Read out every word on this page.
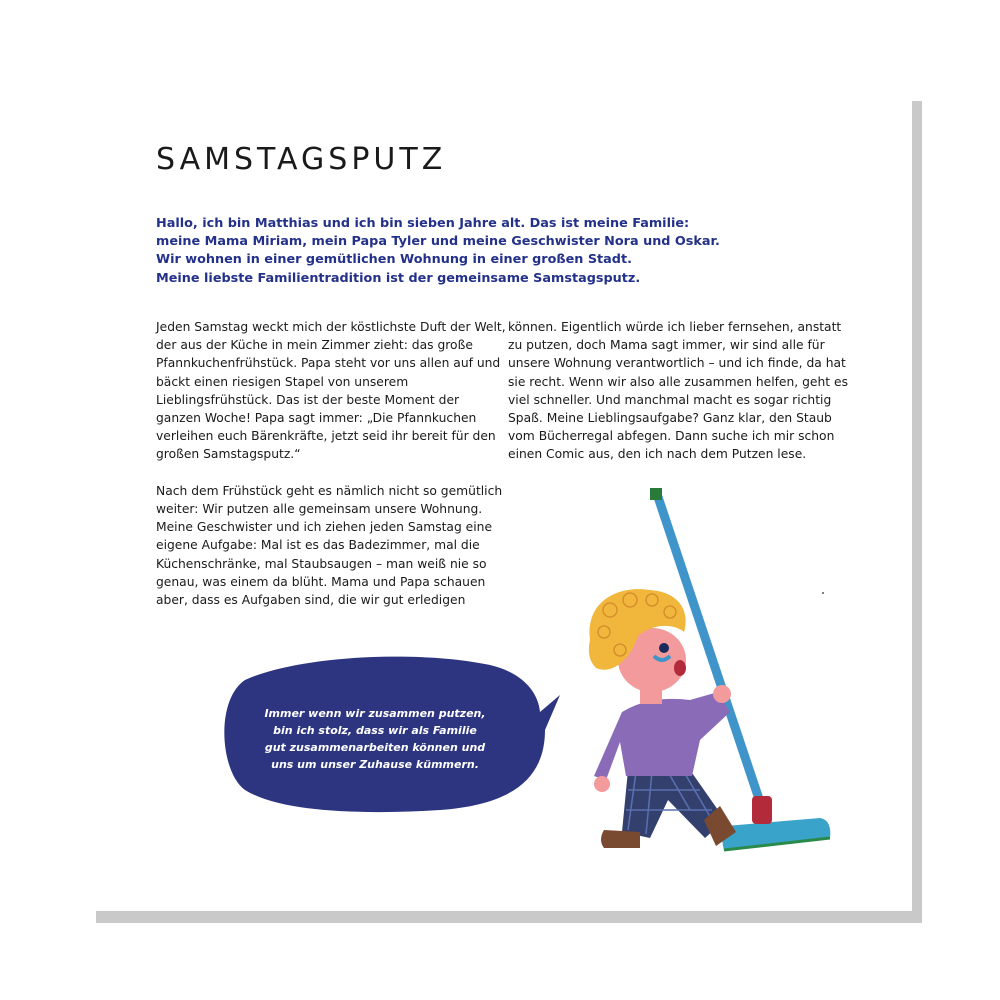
SAMSTAGSPUTZ
Hallo, ich bin Matthias und ich bin sieben Jahre alt. Das ist meine Familie:
meine Mama Miriam, mein Papa Tyler und meine Geschwister Nora und Oskar.
Wir wohnen in einer gemütlichen Wohnung in einer großen Stadt.
Meine liebste Familientradition ist der gemeinsame Samstagsputz.

Jeden Samstag weckt mich der köstlichste Duft der Welt, der aus der Küche in mein Zimmer zieht: das große Pfannkuchenfrühstück. Papa steht vor uns allen auf und bäckt einen riesigen Stapel von unserem Lieblingsfrühstück. Das ist der beste Moment der ganzen Woche! Papa sagt immer: „Die Pfannkuchen verleihen euch Bärenkräfte, jetzt seid ihr bereit für den großen Samstagsputz.“

Nach dem Frühstück geht es nämlich nicht so gemütlich weiter: Wir putzen alle gemeinsam unsere Wohnung. Meine Geschwister und ich ziehen jeden Samstag eine eigene Aufgabe: Mal ist es das Badezimmer, mal die Küchenschränke, mal Staubsaugen – man weiß nie so genau, was einem da blüht. Mama und Papa schauen aber, dass es Aufgaben sind, die wir gut erledigen

können. Eigentlich würde ich lieber fernsehen, anstatt zu putzen, doch Mama sagt immer, wir sind alle für unsere Wohnung verantwortlich – und ich finde, da hat sie recht. Wenn wir also alle zusammen helfen, geht es viel schneller. Und manchmal macht es sogar richtig Spaß. Meine Lieblingsaufgabe? Ganz klar, den Staub vom Bücherregal abfegen. Dann suche ich mir schon einen Comic aus, den ich nach dem Putzen lese.

Immer wenn wir zusammen putzen,
bin ich stolz, dass wir als Familie
gut zusammenarbeiten können und
uns um unser Zuhause kümmern.
